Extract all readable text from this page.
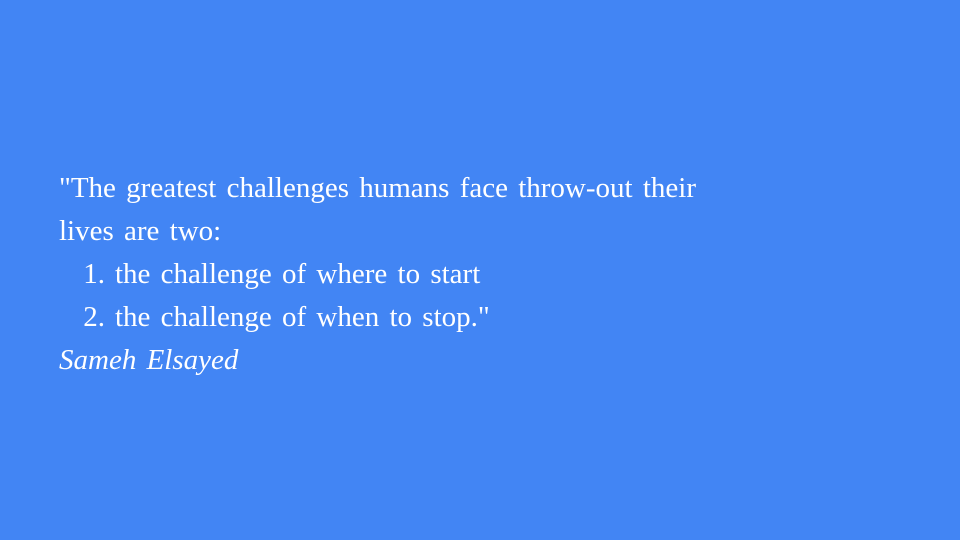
"The greatest challenges humans face throw-out their
lives are two:
1. the challenge of where to start
2. the challenge of when to stop."
Sameh Elsayed
